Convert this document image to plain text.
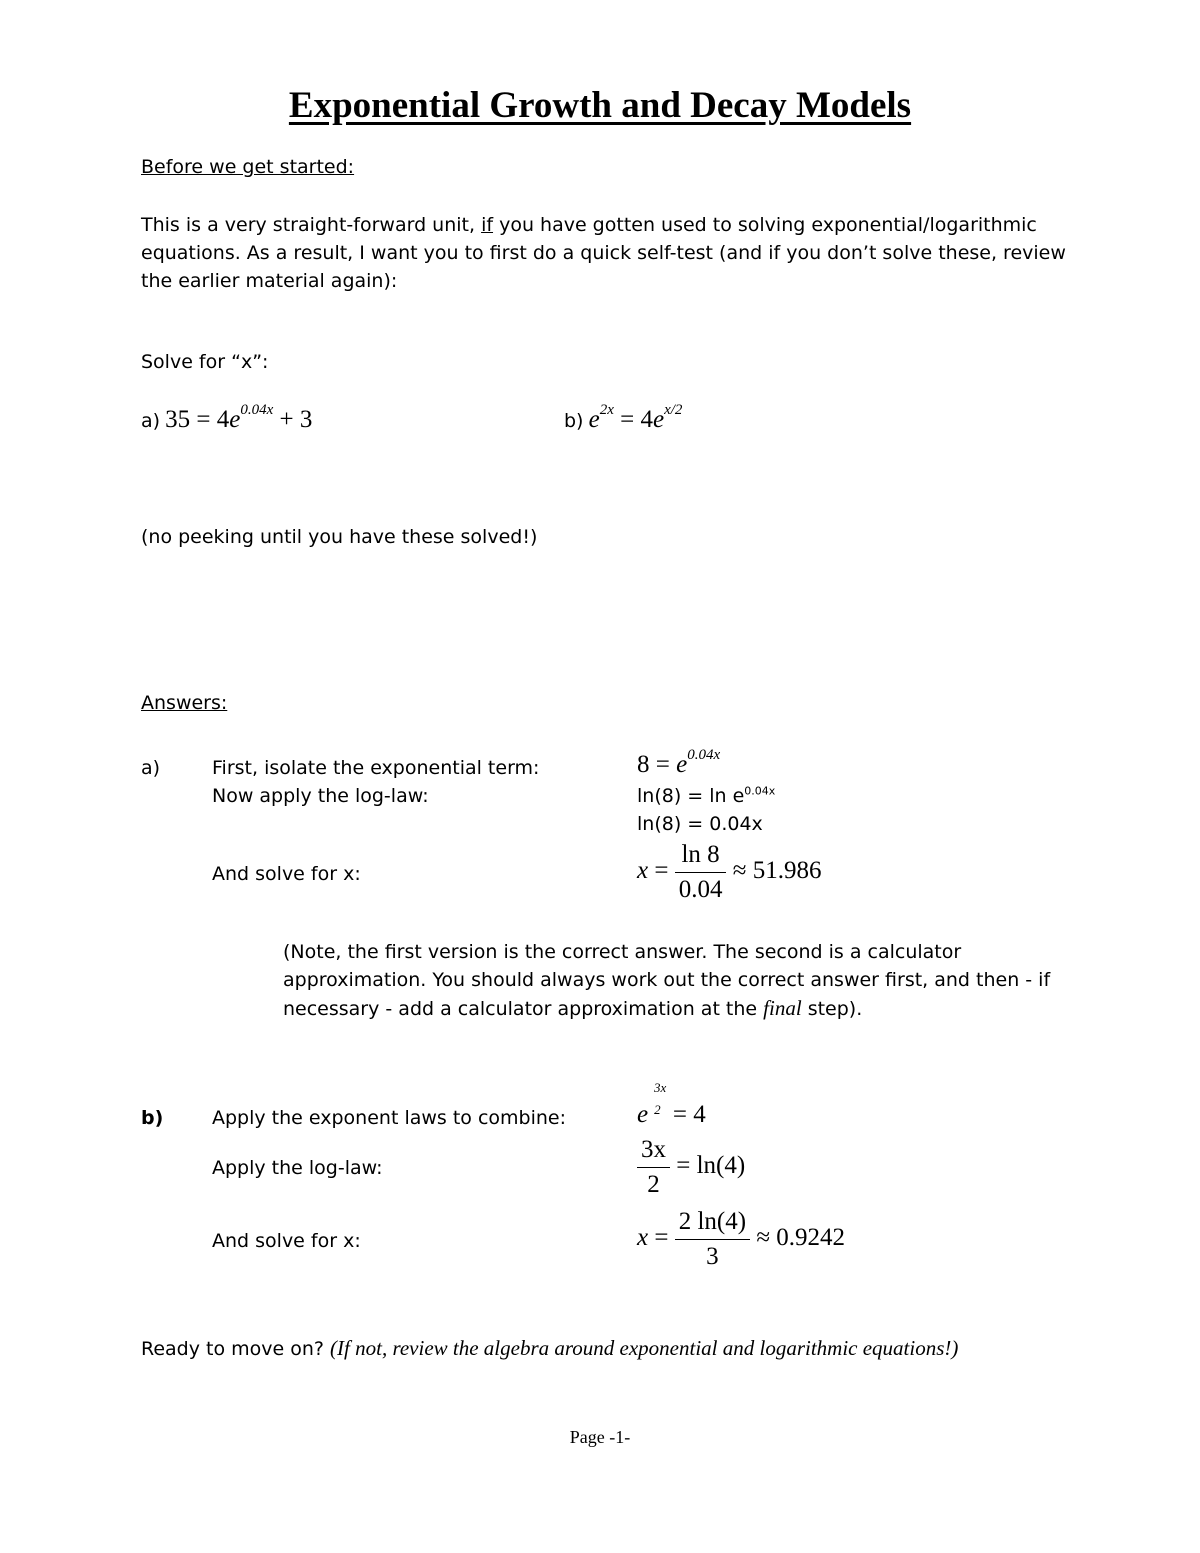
Exponential Growth and Decay Models
Before we get started:

This is a very straight-forward unit, if you have gotten used to solving exponential/logarithmic

equations. As a result, I want you to first do a quick self-test (and if you don’t solve these, review

the earlier material again):

Solve for “x”:
a) $35 = 4e^{0.04x} + 3$	b) $e^{2x} = 4e^{x/2}$
(no peeking until you have these solved!)
Answers:
a)	First, isolate the exponential term:	$8 = e^{0.04x}$
Now apply the log-law:	$\ln(8) = \ln e^{0.04x}$
ln(8) = 0.04x
And solve for x:	$x = \frac{\ln 8}{0.04} \approx 51.986$

(Note, the first version is the correct answer. The second is a calculator

approximation. You should always work out the correct answer first, and then - if

necessary - add a calculator approximation at the final step).

b)	Apply the exponent laws to combine:
3x
e $^2$ = 4
Apply the log-law:	$\frac{3x}{2} = \ln(4)$
And solve for x:	$x = \frac{2 \ln(4)}{3} \approx 0.9242$
Ready to move on? (If not, review the algebra around exponential and logarithmic equations!)
Page -1-
